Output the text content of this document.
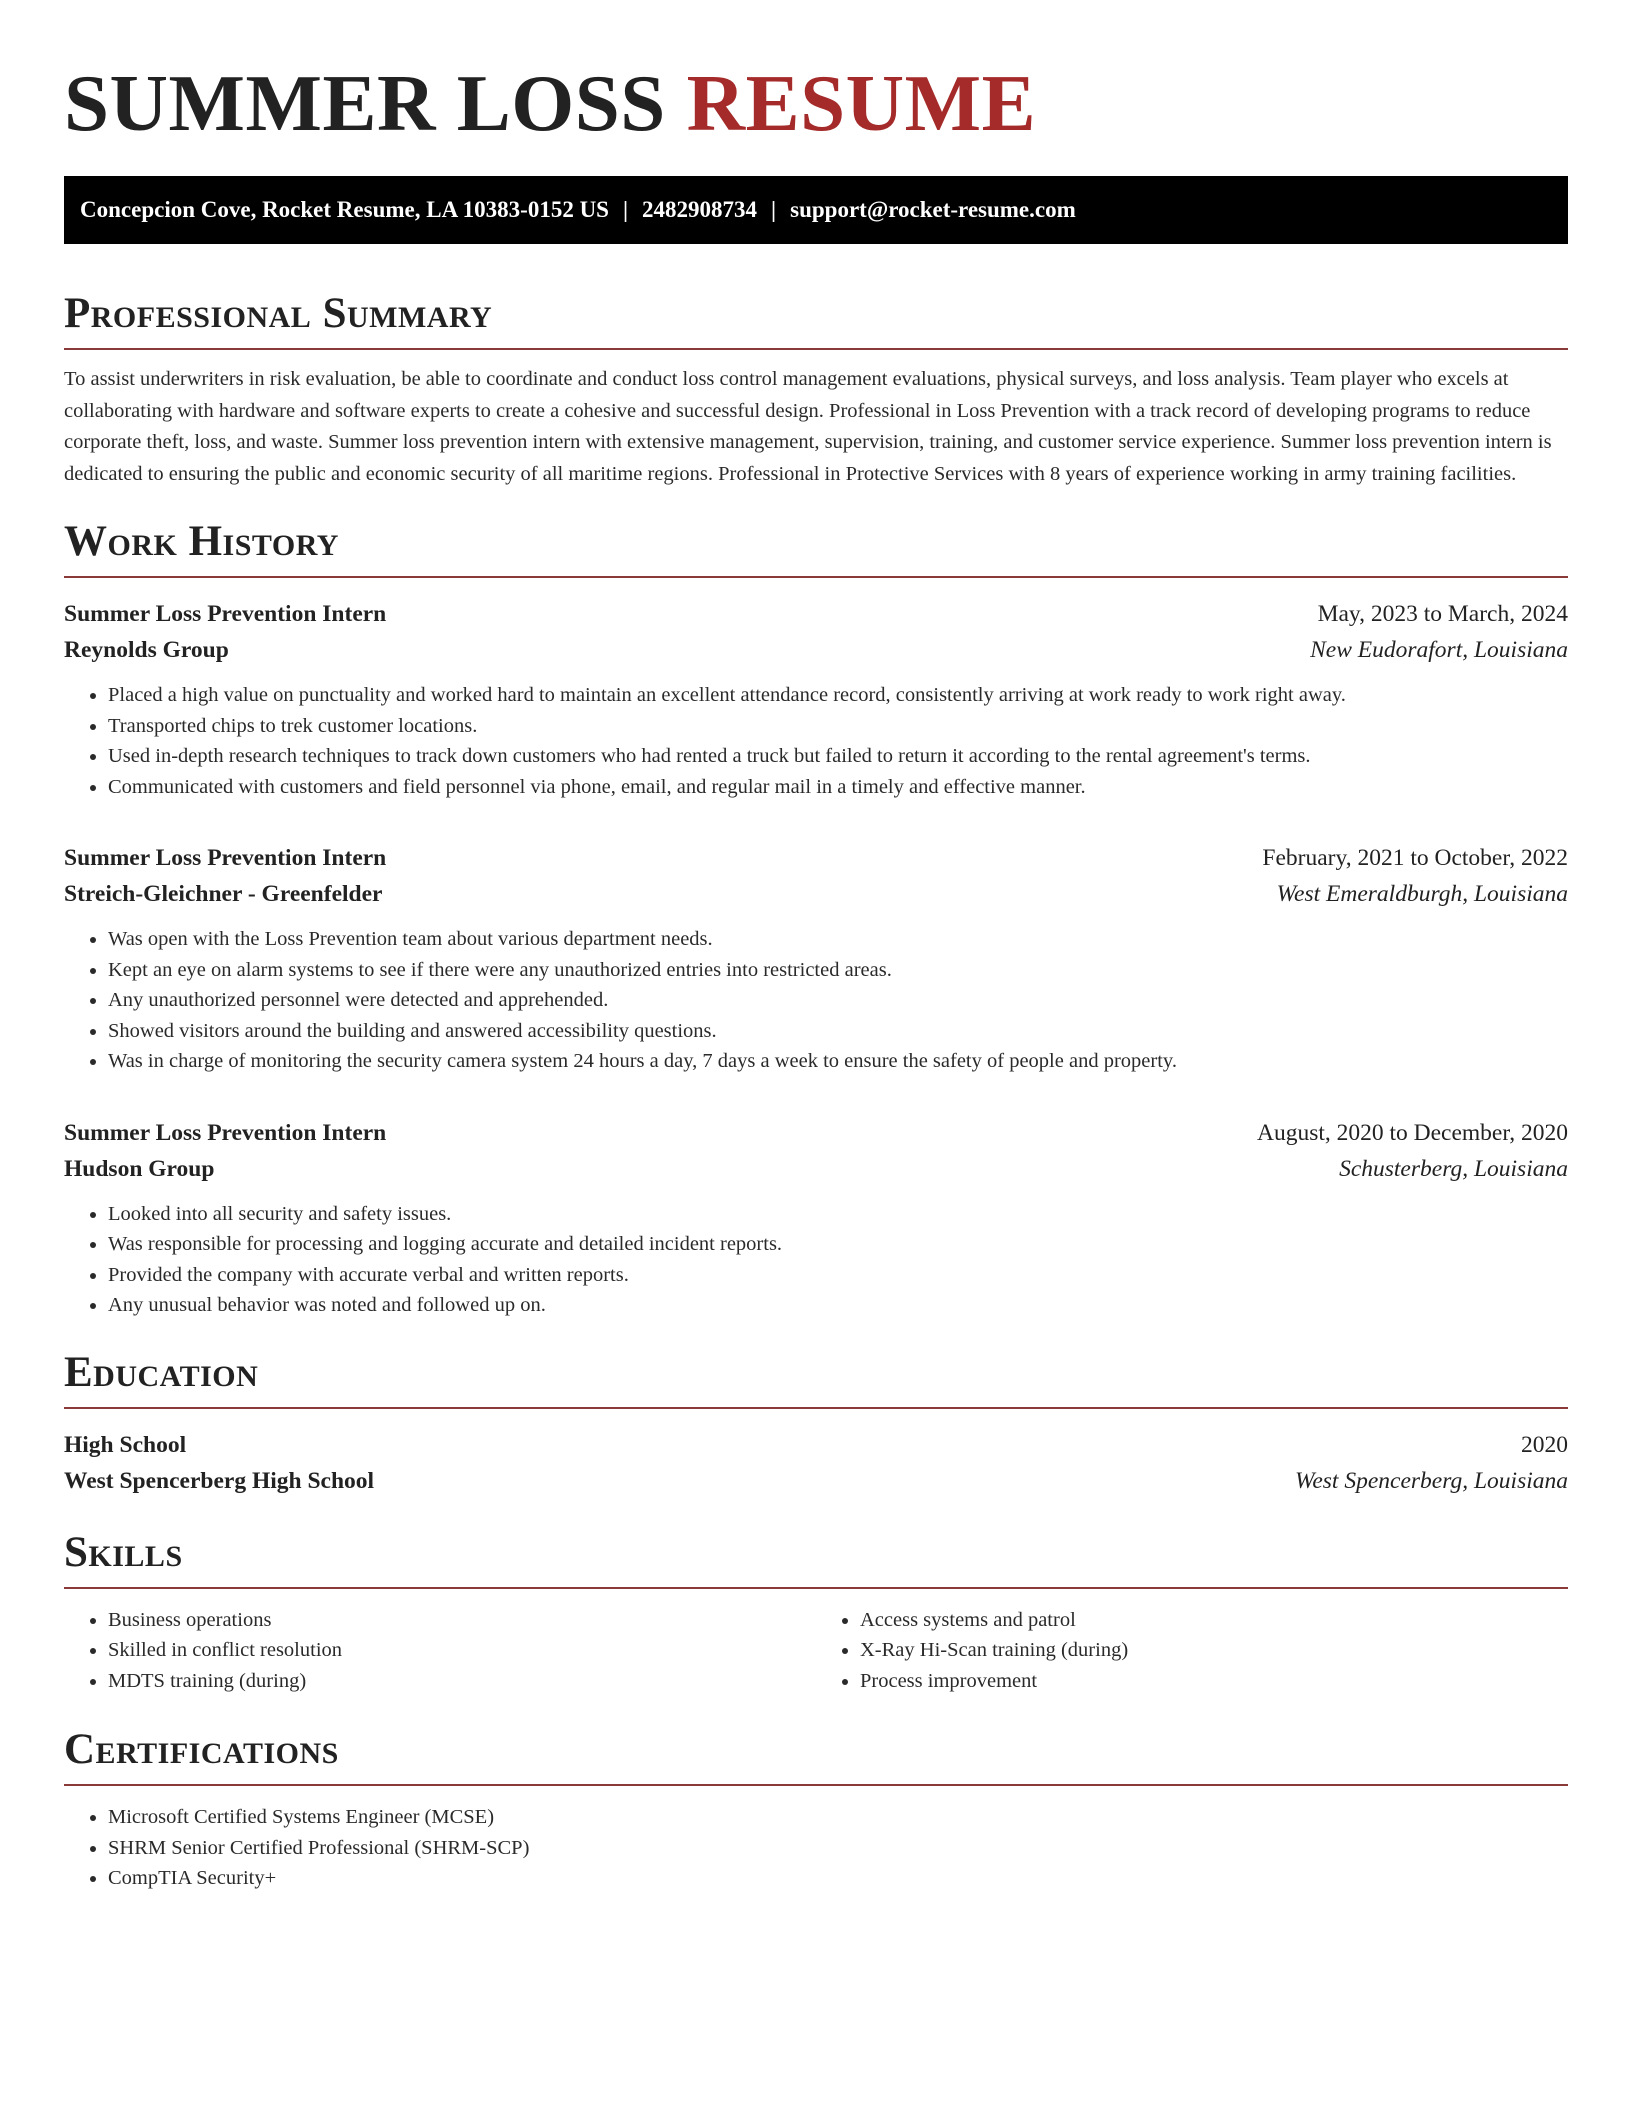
SUMMER LOSS RESUME
Concepcion Cove, Rocket Resume, LA 10383-0152 US | 2482908734 | support@rocket-resume.com
Professional Summary

To assist underwriters in risk evaluation, be able to coordinate and conduct loss control management evaluations, physical surveys, and loss analysis. Team player who excels at collaborating with hardware and software experts to create a cohesive and successful design. Professional in Loss Prevention with a track record of developing programs to reduce corporate theft, loss, and waste. Summer loss prevention intern with extensive management, supervision, training, and customer service experience. Summer loss prevention intern is dedicated to ensuring the public and economic security of all maritime regions. Professional in Protective Services with 8 years of experience working in army training facilities.

Work History
Summer Loss Prevention Intern	May, 2023 to March, 2024
Reynolds Group	New Eudorafort, Louisiana
• Placed a high value on punctuality and worked hard to maintain an excellent attendance record, consistently arriving at work ready to work right away.
• Transported chips to trek customer locations.
• Used in-depth research techniques to track down customers who had rented a truck but failed to return it according to the rental agreement's terms.
• Communicated with customers and field personnel via phone, email, and regular mail in a timely and effective manner.
Summer Loss Prevention Intern	February, 2021 to October, 2022
Streich-Gleichner - Greenfelder	West Emeraldburgh, Louisiana
• Was open with the Loss Prevention team about various department needs.
• Kept an eye on alarm systems to see if there were any unauthorized entries into restricted areas.
• Any unauthorized personnel were detected and apprehended.
• Showed visitors around the building and answered accessibility questions.
• Was in charge of monitoring the security camera system 24 hours a day, 7 days a week to ensure the safety of people and property.
Summer Loss Prevention Intern	August, 2020 to December, 2020
Hudson Group	Schusterberg, Louisiana
• Looked into all security and safety issues.
• Was responsible for processing and logging accurate and detailed incident reports.
• Provided the company with accurate verbal and written reports.
• Any unusual behavior was noted and followed up on.
Education
High School	2020
West Spencerberg High School	West Spencerberg, Louisiana
Skills
• Business operations
• Skilled in conflict resolution
• MDTS training (during)
• Access systems and patrol
• X-Ray Hi-Scan training (during)
• Process improvement
Certifications
• Microsoft Certified Systems Engineer (MCSE)
• SHRM Senior Certified Professional (SHRM-SCP)
• CompTIA Security+
